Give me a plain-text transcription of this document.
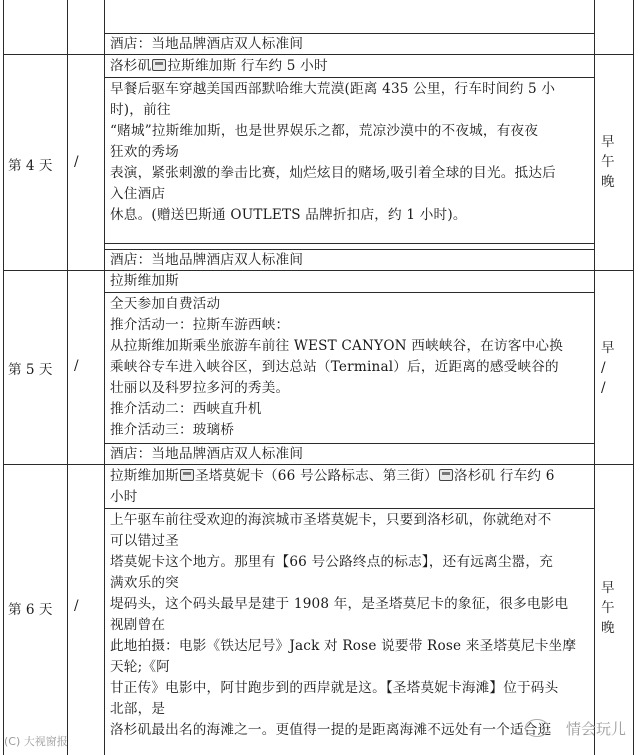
酒店：当地品牌酒店双人标准间
第 4 天 /
洛杉矶 拉斯维加斯 行车约 5 小时
早餐后驱车穿越美国西部默哈维大荒漠(距离 435 公里，行车时间约 5 小
时)，前往
“赌城”拉斯维加斯，也是世界娱乐之都，荒凉沙漠中的不夜城，有夜夜
狂欢的秀场
表演，紧张刺激的拳击比赛，灿烂炫目的赌场,吸引着全球的目光。抵达后
入住酒店
休息。(赠送巴斯通 OUTLETS 品牌折扣店，约 1 小时)。
酒店：当地品牌酒店双人标准间
早
午
晚
第 5 天 /
拉斯维加斯
全天参加自费活动
推介活动一：拉斯车游西峡：
从拉斯维加斯乘坐旅游车前往 WEST CANYON 西峡峡谷，在访客中心换
乘峡谷专车进入峡谷区，到达总站（Terminal）后，近距离的感受峡谷的
壮丽以及科罗拉多河的秀美。
推介活动二：西峡直升机
推介活动三：玻璃桥
酒店：当地品牌酒店双人标准间
早
/
/
第 6 天 /
拉斯维加斯 圣塔莫妮卡（66 号公路标志、第三街） 洛杉矶 行车约 6
小时
上午驱车前往受欢迎的海滨城市圣塔莫妮卡，只要到洛杉矶，你就绝对不
可以错过圣
塔莫妮卡这个地方。那里有【66 号公路终点的标志】，还有远离尘嚣，充
满欢乐的突
堤码头，这个码头最早是建于 1908 年，是圣塔莫尼卡的象征，很多电影电
视剧曾在
此地拍摄：电影《铁达尼号》Jack 对 Rose 说要带 Rose 来圣塔莫尼卡坐摩
天轮;《阿
甘正传》电影中，阿甘跑步到的西岸就是这。【圣塔莫妮卡海滩】位于码头
北部，是
洛杉矶最出名的海滩之一。更值得一提的是距离海滩不远处有一个适合逛
早
午
晚
(C) 大视窗报
情会玩儿
